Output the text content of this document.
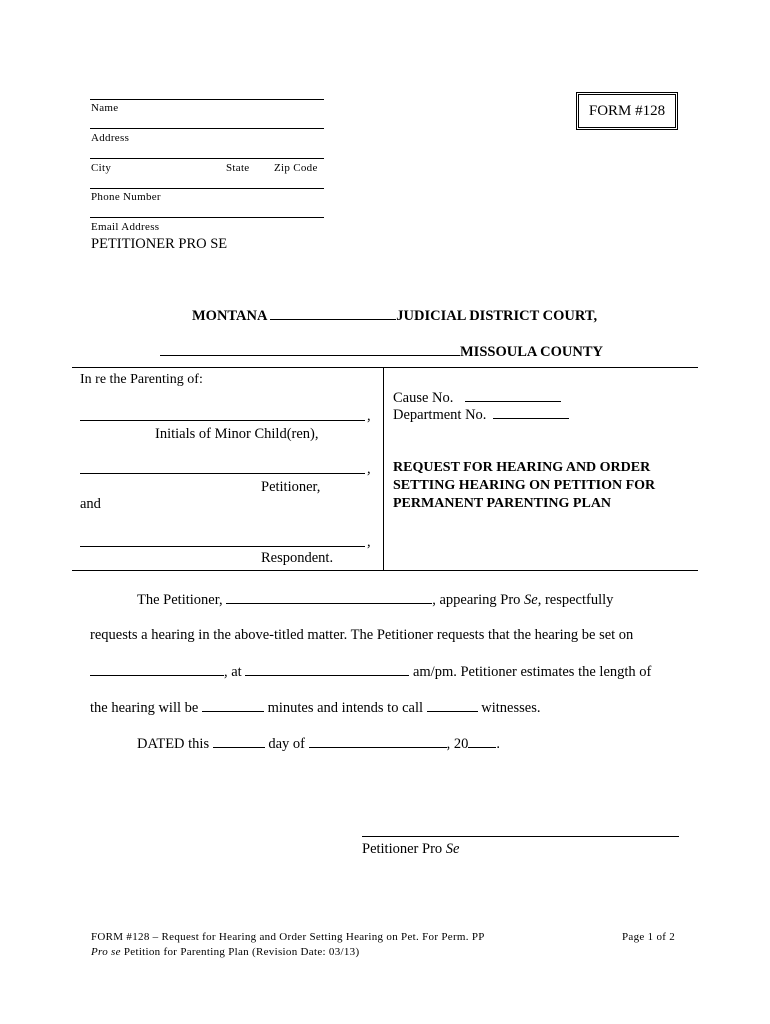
Name
Address
City	State Zip Code
Phone Number
Email Address
PETITIONER PRO SE
FORM #128
MONTANA	JUDICIAL DISTRICT COURT,
MISSOULA COUNTY
In re the Parenting of:
,
Initials of Minor Child(ren),
,
Petitioner,
and
,
Respondent.
Cause No.
Department No.
REQUEST FOR HEARING AND ORDER
SETTING HEARING ON PETITION FOR
PERMANENT PARENTING PLAN
The Petitioner,	, appearing Pro Se, respectfully
requests a hearing in the above-titled matter. The Petitioner requests that the hearing be set on
, at	am/pm. Petitioner estimates the length of
the hearing will be	minutes and intends to call	witnesses.
DATED this	day of	, 20 .
Petitioner Pro Se
FORM #128 – Request for Hearing and Order Setting Hearing on Pet. For Perm. PP
Pro se Petition for Parenting Plan (Revision Date: 03/13)
Page 1 of 2
